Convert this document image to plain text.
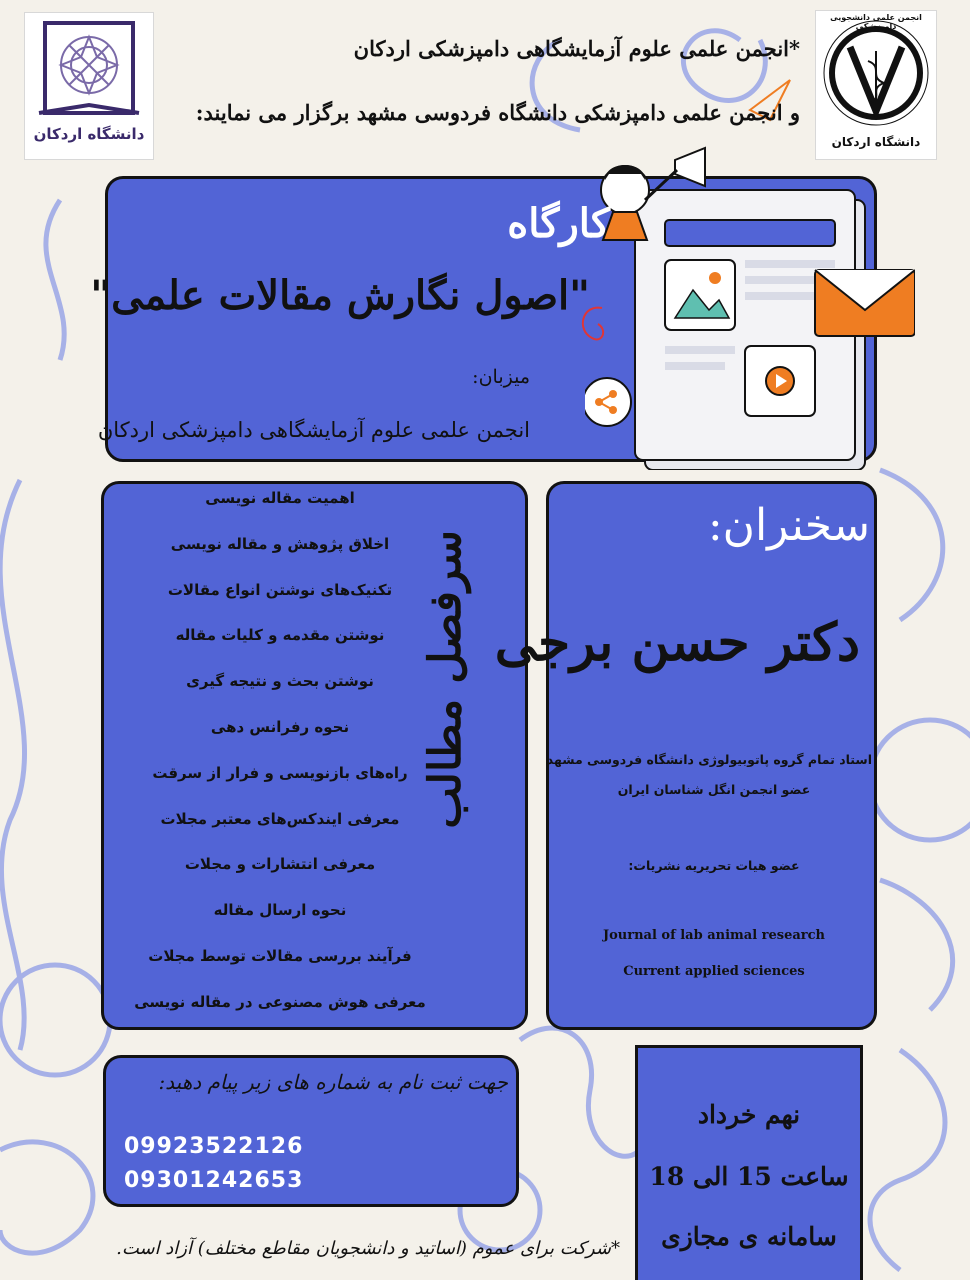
دانشگاه اردکان
انجمن علمی دانشجویی دامپزشکی
دانشگاه اردکان
*انجمن علمی علوم آزمایشگاهی دامپزشکی اردکان
و انجمن علمی دامپزشکی دانشگاه فردوسی مشهد برگزار می نمایند:
کارگاه
"اصول نگارش مقالات علمی"
میزبان:
انجمن علمی علوم آزمایشگاهی دامپزشکی اردکان
اهمیت مقاله نویسی
اخلاق پژوهش و مقاله نویسی
تکنیک‌های نوشتن انواع مقالات
نوشتن مقدمه و کلیات مقاله
نوشتن بحث و نتیجه گیری
نحوه رفرانس دهی
راه‌های بازنویسی و فرار از سرقت
معرفی ایندکس‌های معتبر مجلات
معرفی انتشارات و مجلات
نحوه ارسال مقاله
فرآیند بررسی مقالات توسط مجلات
معرفی هوش مصنوعی در مقاله نویسی
سرفصل مطالب
سخنران:
دکتر حسن برجی
استاد تمام گروه پاتوبیولوژی دانشگاه فردوسی مشهد
عضو انجمن انگل شناسان ایران
عضو هیات تحریریه نشریات:
Journal of lab animal research
Current applied sciences
جهت ثبت نام به شماره های زیر پیام دهید:
09923522126
09301242653
نهم خرداد
ساعت 15 الی 18
سامانه ی مجازی
*شرکت برای عموم (اساتید و دانشجویان مقاطع مختلف) آزاد است.
